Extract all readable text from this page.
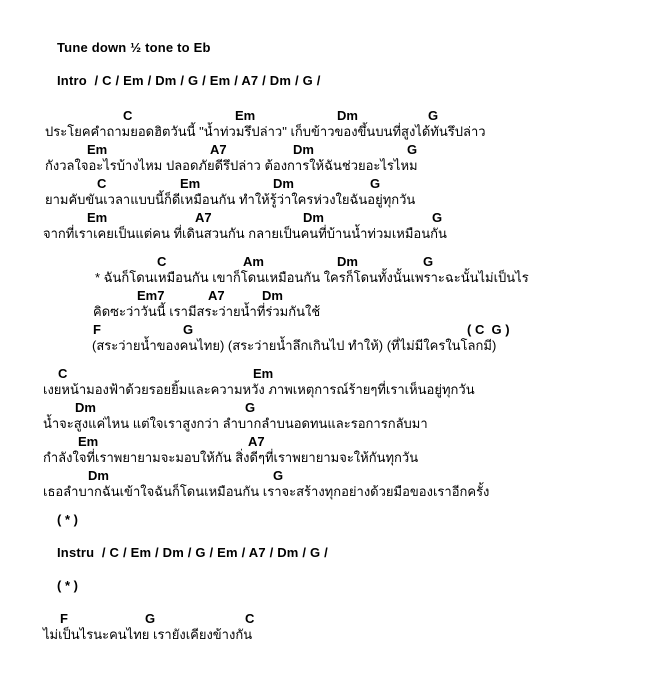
Tune down ½ tone to Eb
Intro  / C / Em / Dm / G / Em / A7 / Dm / G /
C	Em	Dm	G
ประโยคคำถามยอดฮิตวันนี้ "น้ำท่วมรึปล่าว" เก็บข้าวของขึ้นบนที่สูงได้ทันรึปล่าว
Em	A7	Dm	G
กังวลใจอะไรบ้างไหม ปลอดภัยดีรึปล่าว ต้องการให้ฉันช่วยอะไรไหม
C	Em	Dm	G
ยามคับขันเวลาแบบนี้ก็ดีเหมือนกัน ทำให้รู้ว่าใครห่วงใยฉันอยู่ทุกวัน
Em	A7	Dm	G
จากที่เราเคยเป็นแต่คน ที่เดินสวนกัน กลายเป็นคนที่บ้านน้ำท่วมเหมือนกัน
C	Am	Dm	G
* ฉันก็โดนเหมือนกัน เขาก็โดนเหมือนกัน ใครก็โดนทั้งนั้นเพราะฉะนั้นไม่เป็นไร
Em7	A7	Dm
คิดซะว่าวันนี้ เรามีสระว่ายน้ำที่ร่วมกันใช้
F	G	( C  G )
(สระว่ายน้ำของคนไทย) (สระว่ายน้ำลึกเกินไป ทำให้) (ที่ไม่มีใครในโลกมี)
C	Em
เงยหน้ามองฟ้าด้วยรอยยิ้มและความหวัง ภาพเหตุการณ์ร้ายๆที่เราเห็นอยู่ทุกวัน
Dm	G
น้ำจะสูงแค่ไหน แต่ใจเราสูงกว่า ลำบากลำบนอดทนและรอการกลับมา
Em	A7
กำลังใจที่เราพยายามจะมอบให้กัน สิ่งดีๆที่เราพยายามจะให้กันทุกวัน
Dm	G
เธอลำบากฉันเข้าใจฉันก็โดนเหมือนกัน เราจะสร้างทุกอย่างด้วยมือของเราอีกครั้ง
( * )
Instru  / C / Em / Dm / G / Em / A7 / Dm / G /
( * )
F	G	C
ไม่เป็นไรนะคนไทย เรายังเคียงข้างกัน
